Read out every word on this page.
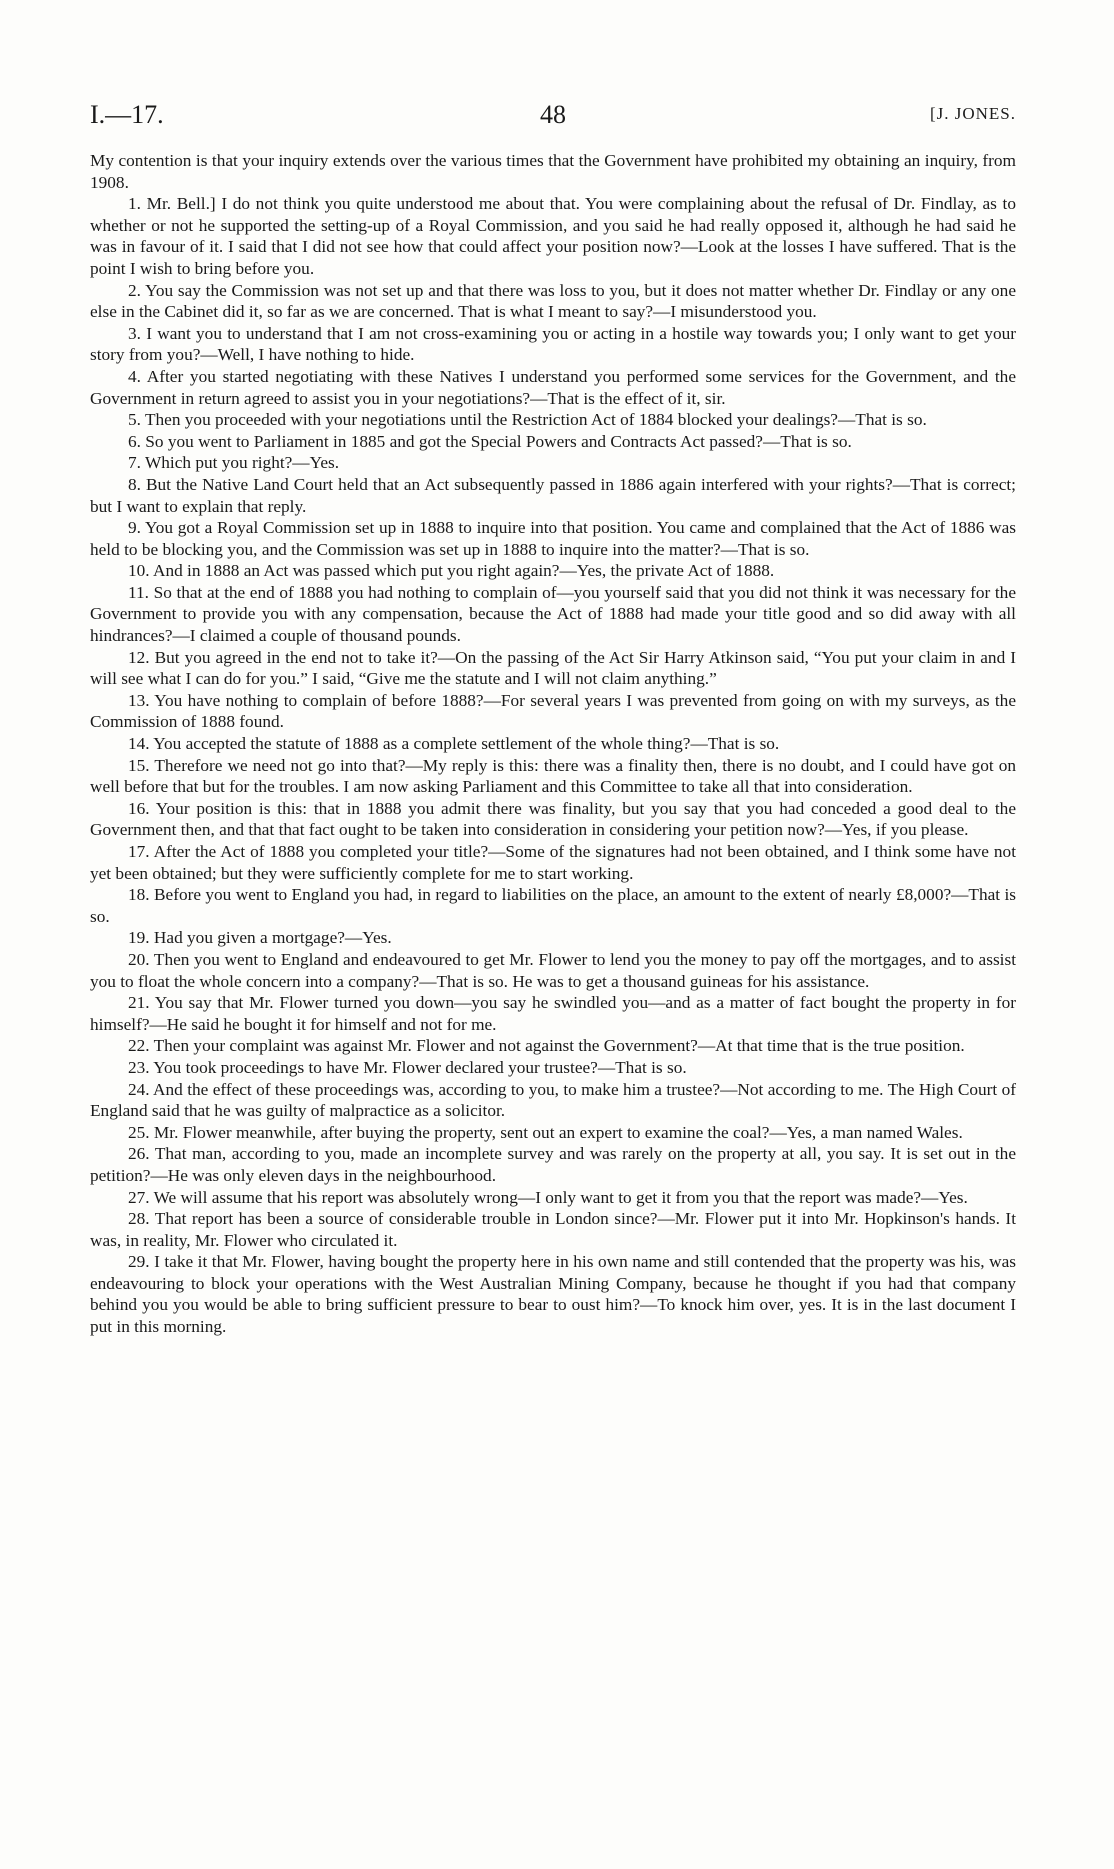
I.—17.	48	[J. JONES.

My contention is that your inquiry extends over the various times that the Government have prohibited my obtaining an inquiry, from 1908.

1. Mr. Bell.] I do not think you quite understood me about that. You were complaining about the refusal of Dr. Findlay, as to whether or not he supported the setting-up of a Royal Commission, and you said he had really opposed it, although he had said he was in favour of it. I said that I did not see how that could affect your position now?—Look at the losses I have suffered. That is the point I wish to bring before you.

2. You say the Commission was not set up and that there was loss to you, but it does not matter whether Dr. Findlay or any one else in the Cabinet did it, so far as we are concerned. That is what I meant to say?—I misunderstood you.

3. I want you to understand that I am not cross-examining you or acting in a hostile way towards you; I only want to get your story from you?—Well, I have nothing to hide.

4. After you started negotiating with these Natives I understand you performed some services for the Government, and the Government in return agreed to assist you in your negotiations?—That is the effect of it, sir.

5. Then you proceeded with your negotiations until the Restriction Act of 1884 blocked your dealings?—That is so.

6. So you went to Parliament in 1885 and got the Special Powers and Contracts Act passed?—That is so.

7. Which put you right?—Yes.

8. But the Native Land Court held that an Act subsequently passed in 1886 again interfered with your rights?—That is correct; but I want to explain that reply.

9. You got a Royal Commission set up in 1888 to inquire into that position. You came and complained that the Act of 1886 was held to be blocking you, and the Commission was set up in 1888 to inquire into the matter?—That is so.

10. And in 1888 an Act was passed which put you right again?—Yes, the private Act of 1888.

11. So that at the end of 1888 you had nothing to complain of—you yourself said that you did not think it was necessary for the Government to provide you with any compensation, because the Act of 1888 had made your title good and so did away with all hindrances?—I claimed a couple of thousand pounds.

12. But you agreed in the end not to take it?—On the passing of the Act Sir Harry Atkinson said, “You put your claim in and I will see what I can do for you.” I said, “Give me the statute and I will not claim anything.”

13. You have nothing to complain of before 1888?—For several years I was prevented from going on with my surveys, as the Commission of 1888 found.

14. You accepted the statute of 1888 as a complete settlement of the whole thing?—That is so.

15. Therefore we need not go into that?—My reply is this: there was a finality then, there is no doubt, and I could have got on well before that but for the troubles. I am now asking Parliament and this Committee to take all that into consideration.

16. Your position is this: that in 1888 you admit there was finality, but you say that you had conceded a good deal to the Government then, and that that fact ought to be taken into consideration in considering your petition now?—Yes, if you please.

17. After the Act of 1888 you completed your title?—Some of the signatures had not been obtained, and I think some have not yet been obtained; but they were sufficiently complete for me to start working.

18. Before you went to England you had, in regard to liabilities on the place, an amount to the extent of nearly £8,000?—That is so.

19. Had you given a mortgage?—Yes.

20. Then you went to England and endeavoured to get Mr. Flower to lend you the money to pay off the mortgages, and to assist you to float the whole concern into a company?—That is so. He was to get a thousand guineas for his assistance.

21. You say that Mr. Flower turned you down—you say he swindled you—and as a matter of fact bought the property in for himself?—He said he bought it for himself and not for me.

22. Then your complaint was against Mr. Flower and not against the Government?—At that time that is the true position.

23. You took proceedings to have Mr. Flower declared your trustee?—That is so.

24. And the effect of these proceedings was, according to you, to make him a trustee?—Not according to me. The High Court of England said that he was guilty of malpractice as a solicitor.

25. Mr. Flower meanwhile, after buying the property, sent out an expert to examine the coal?—Yes, a man named Wales.

26. That man, according to you, made an incomplete survey and was rarely on the property at all, you say. It is set out in the petition?—He was only eleven days in the neighbourhood.

27. We will assume that his report was absolutely wrong—I only want to get it from you that the report was made?—Yes.

28. That report has been a source of considerable trouble in London since?—Mr. Flower put it into Mr. Hopkinson's hands. It was, in reality, Mr. Flower who circulated it.

29. I take it that Mr. Flower, having bought the property here in his own name and still contended that the property was his, was endeavouring to block your operations with the West Australian Mining Company, because he thought if you had that company behind you you would be able to bring sufficient pressure to bear to oust him?—To knock him over, yes. It is in the last document I put in this morning.
